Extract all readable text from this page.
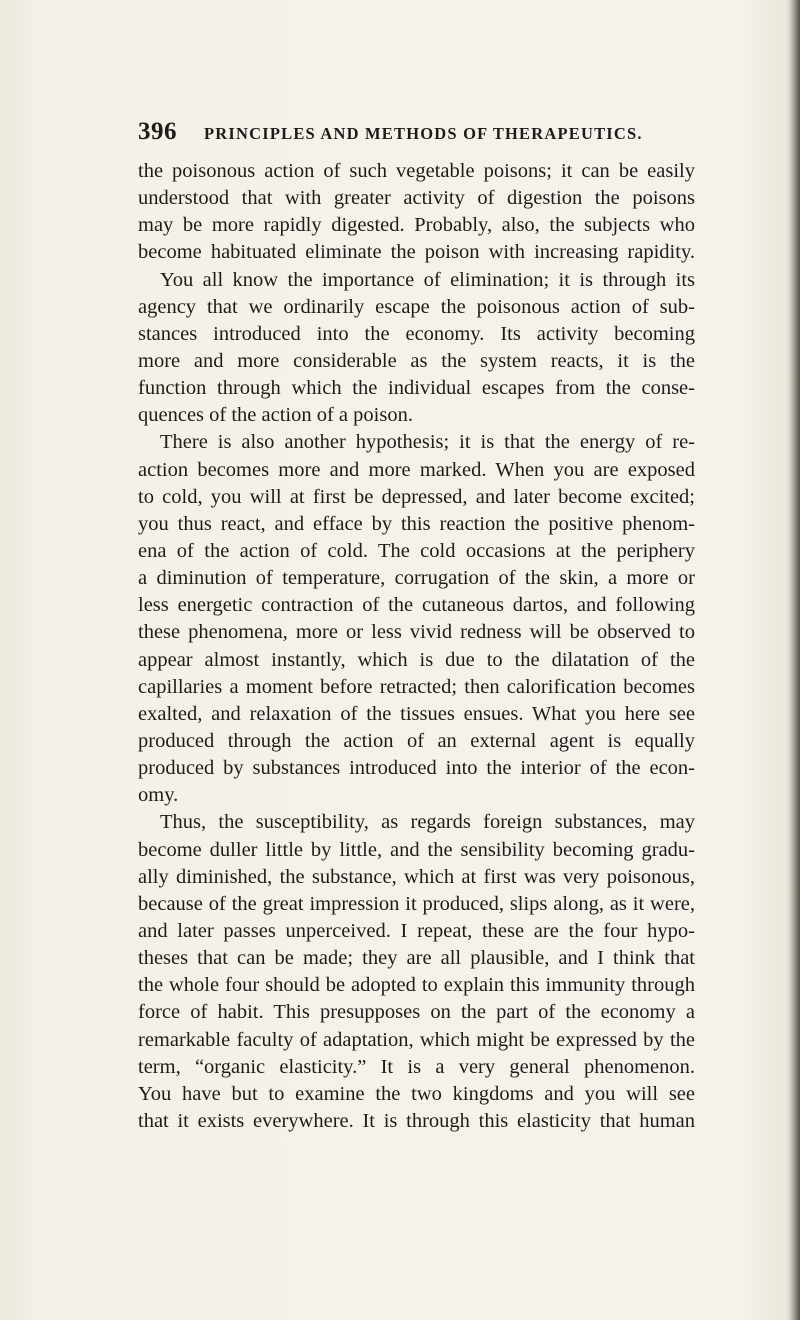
396	PRINCIPLES AND METHODS OF THERAPEUTICS.
the poisonous action of such vegetable poisons; it can be easily
understood that with greater activity of digestion the poisons
may be more rapidly digested. Probably, also, the subjects who
become habituated eliminate the poison with increasing rapidity.
You all know the importance of elimination; it is through its
agency that we ordinarily escape the poisonous action of sub-
stances introduced into the economy. Its activity becoming
more and more considerable as the system reacts, it is the
function through which the individual escapes from the conse-
quences of the action of a poison.
There is also another hypothesis; it is that the energy of re-
action becomes more and more marked. When you are exposed
to cold, you will at first be depressed, and later become excited;
you thus react, and efface by this reaction the positive phenom-
ena of the action of cold. The cold occasions at the periphery
a diminution of temperature, corrugation of the skin, a more or
less energetic contraction of the cutaneous dartos, and following
these phenomena, more or less vivid redness will be observed to
appear almost instantly, which is due to the dilatation of the
capillaries a moment before retracted; then calorification becomes
exalted, and relaxation of the tissues ensues. What you here see
produced through the action of an external agent is equally
produced by substances introduced into the interior of the econ-
omy.
Thus, the susceptibility, as regards foreign substances, may
become duller little by little, and the sensibility becoming gradu-
ally diminished, the substance, which at first was very poisonous,
because of the great impression it produced, slips along, as it were,
and later passes unperceived. I repeat, these are the four hypo-
theses that can be made; they are all plausible, and I think that
the whole four should be adopted to explain this immunity through
force of habit. This presupposes on the part of the economy a
remarkable faculty of adaptation, which might be expressed by the
term, “organic elasticity.” It is a very general phenomenon.
You have but to examine the two kingdoms and you will see
that it exists everywhere. It is through this elasticity that human
